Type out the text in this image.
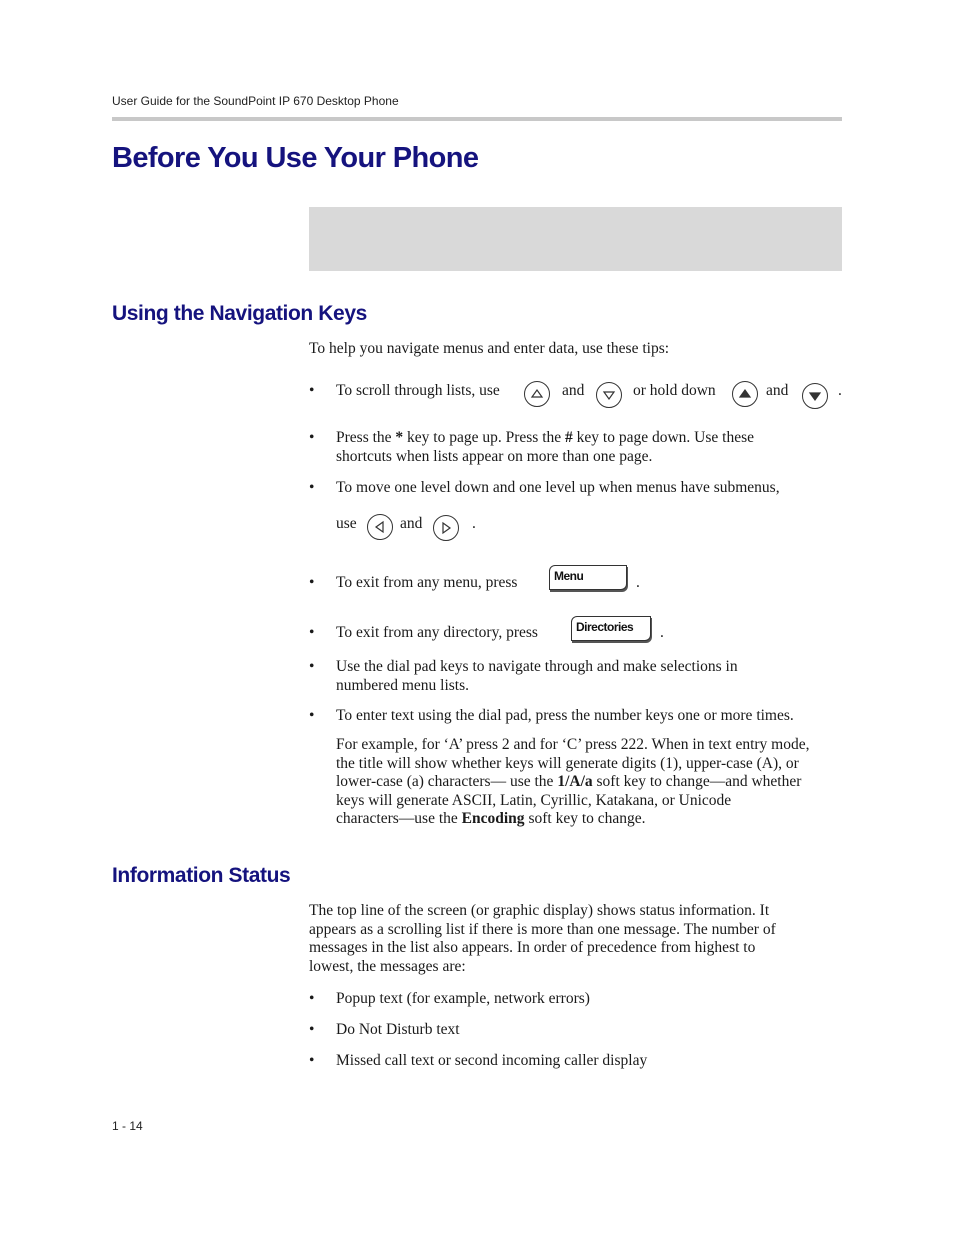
User Guide for the SoundPoint IP 670 Desktop Phone
Before You Use Your Phone
Using the Navigation Keys

To help you navigate menus and enter data, use these tips:

• To scroll through lists, use	and	or hold down	and	.
• Press the * key to page up. Press the # key to page down. Use these
shortcuts when lists appear on more than one page.
• To move one level down and one level up when menus have submenus,
use	and	.
• To exit from any menu, press	Menu	.
• To exit from any directory, press	Directories	.
• Use the dial pad keys to navigate through and make selections in
numbered menu lists.
• To enter text using the dial pad, press the number keys one or more times.
For example, for ‘A’ press 2 and for ‘C’ press 222. When in text entry mode,
the title will show whether keys will generate digits (1), upper-case (A), or
lower-case (a) characters— use the 1/A/a soft key to change—and whether
keys will generate ASCII, Latin, Cyrillic, Katakana, or Unicode
characters—use the Encoding soft key to change.
Information Status
The top line of the screen (or graphic display) shows status information. It
appears as a scrolling list if there is more than one message. The number of
messages in the list also appears. In order of precedence from highest to
lowest, the messages are:
• Popup text (for example, network errors)
• Do Not Disturb text
• Missed call text or second incoming caller display
1 - 14
